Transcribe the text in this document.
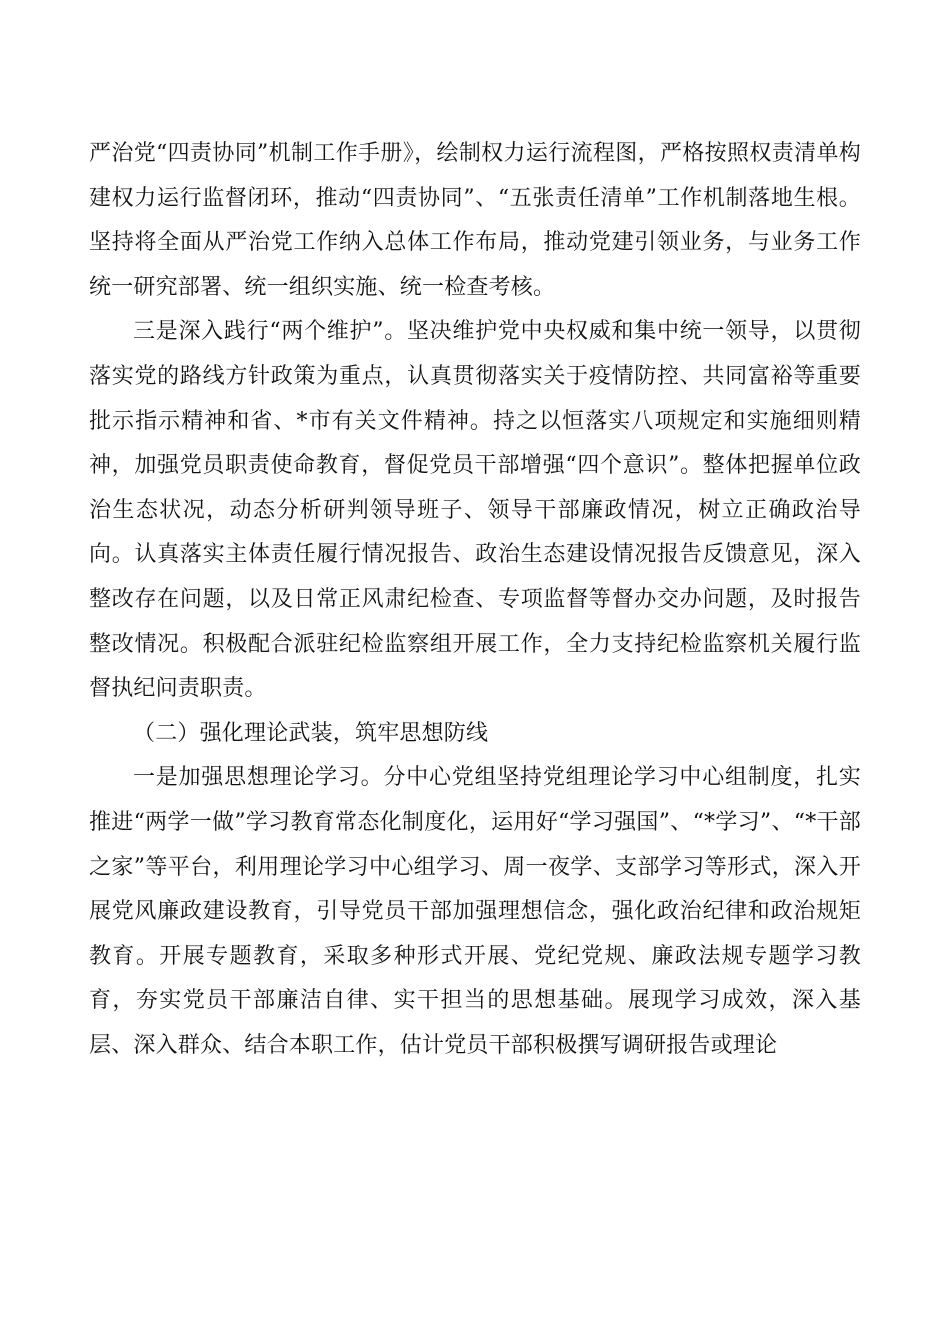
严治党“四责协同”机制工作手册》，绘制权力运行流程图，严格按照权责清单构建权力运行监督闭环，推动“四责协同”、“五张责任清单”工作机制落地生根。坚持将全面从严治党工作纳入总体工作布局，推动党建引领业务，与业务工作统一研究部署、统一组织实施、统一检查考核。

三是深入践行“两个维护”。坚决维护党中央权威和集中统一领导，以贯彻落实党的路线方针政策为重点，认真贯彻落实关于疫情防控、共同富裕等重要批示指示精神和省、*市有关文件精神。持之以恒落实八项规定和实施细则精神，加强党员职责使命教育，督促党员干部增强“四个意识”。整体把握单位政治生态状况，动态分析研判领导班子、领导干部廉政情况，树立正确政治导向。认真落实主体责任履行情况报告、政治生态建设情况报告反馈意见，深入整改存在问题，以及日常正风肃纪检查、专项监督等督办交办问题，及时报告整改情况。积极配合派驻纪检监察组开展工作，全力支持纪检监察机关履行监督执纪问责职责。

（二）强化理论武装，筑牢思想防线

一是加强思想理论学习。分中心党组坚持党组理论学习中心组制度，扎实推进“两学一做”学习教育常态化制度化，运用好“学习强国”、“*学习”、“*干部之家”等平台，利用理论学习中心组学习、周一夜学、支部学习等形式，深入开展党风廉政建设教育，引导党员干部加强理想信念，强化政治纪律和政治规矩教育。开展专题教育，采取多种形式开展、党纪党规、廉政法规专题学习教育，夯实党员干部廉洁自律、实干担当的思想基础。展现学习成效，深入基层、深入群众、结合本职工作，估计党员干部积极撰写调研报告或理论
